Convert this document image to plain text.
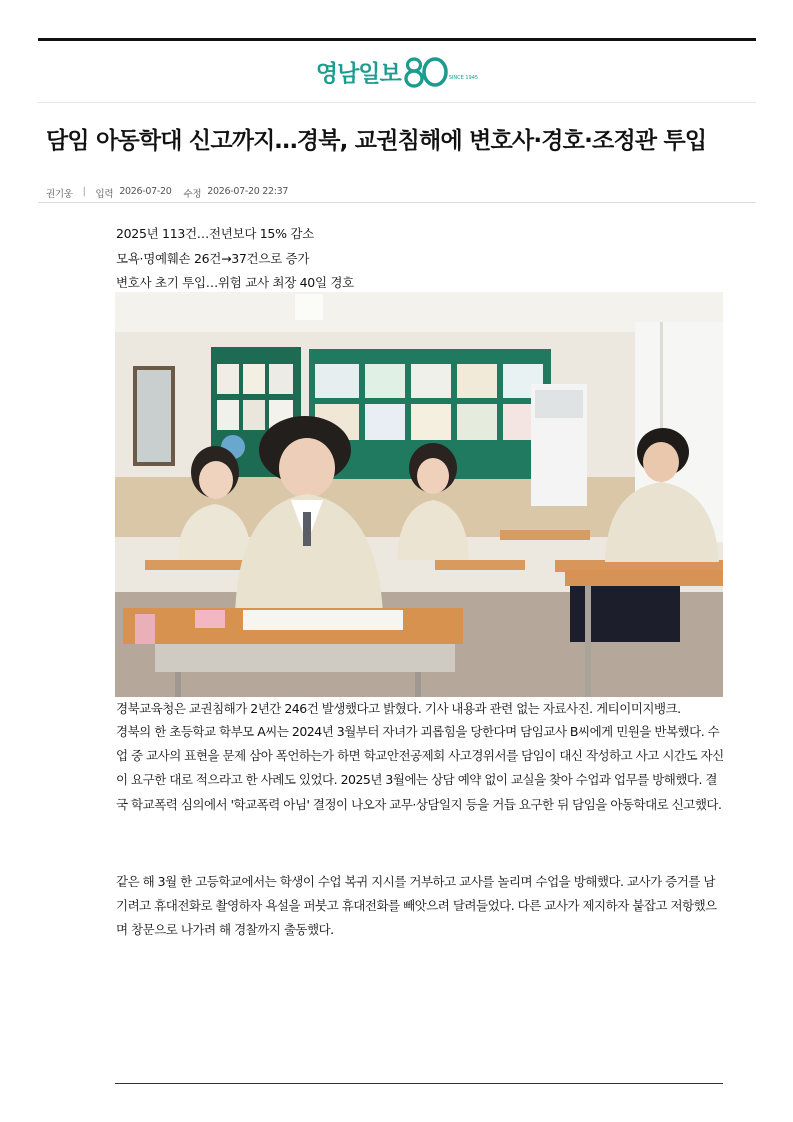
영남일보	SINCE 1945
담임 아동학대 신고까지…경북, 교권침해에 변호사·경호·조정관 투입
권기웅 | 입력 2026-07-20 수정 2026-07-20 22:37
2025년 113건…전년보다 15% 감소
모욕·명예훼손 26건→37건으로 증가
변호사 초기 투입…위험 교사 최장 40일 경호

경북교육청은 교권침해가 2년간 246건 발생했다고 밝혔다. 기사 내용과 관련 없는 자료사진. 게티이미지뱅크.

경북의 한 초등학교 학부모 A씨는 2024년 3월부터 자녀가 괴롭힘을 당한다며 담임교사 B씨에게 민원을 반복했다. 수업 중 교사의 표현을 문제 삼아 폭언하는가 하면 학교안전공제회 사고경위서를 담임이 대신 작성하고 사고 시간도 자신이 요구한 대로 적으라고 한 사례도 있었다. 2025년 3월에는 상담 예약 없이 교실을 찾아 수업과 업무를 방해했다. 결국 학교폭력 심의에서 '학교폭력 아님' 결정이 나오자 교무·상담일지 등을 거듭 요구한 뒤 담임을 아동학대로 신고했다.

같은 해 3월 한 고등학교에서는 학생이 수업 복귀 지시를 거부하고 교사를 놀리며 수업을 방해했다. 교사가 증거를 남기려고 휴대전화로 촬영하자 욕설을 퍼붓고 휴대전화를 빼앗으려 달려들었다. 다른 교사가 제지하자 붙잡고 저항했으며 창문으로 나가려 해 경찰까지 출동했다.
